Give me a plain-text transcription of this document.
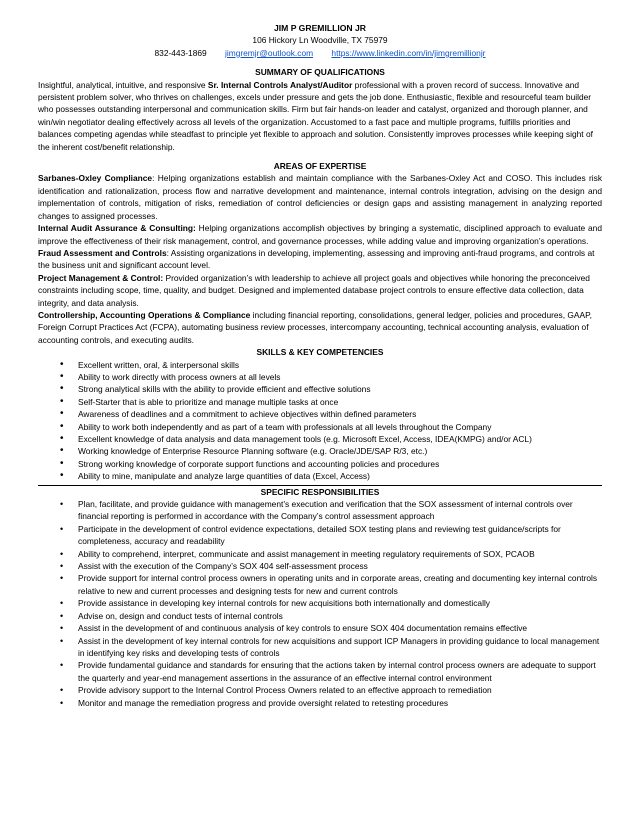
JIM P GREMILLION JR
106 Hickory Ln Woodville, TX 75979
832-443-1869 jimgremjr@outlook.com https://www.linkedin.com/in/jimgremillionjr
SUMMARY OF QUALIFICATIONS
Insightful, analytical, intuitive, and responsive Sr. Internal Controls Analyst/Auditor professional with a proven record of success. Innovative and persistent problem solver, who thrives on challenges, excels under pressure and gets the job done. Enthusiastic, flexible and resourceful team builder who possesses outstanding interpersonal and communication skills. Firm but fair hands-on leader and catalyst, organized and thorough planner, and win/win negotiator dealing effectively across all levels of the organization. Accustomed to a fast pace and multiple programs, fulfills priorities and balances competing agendas while steadfast to principle yet flexible to approach and solution. Consistently improves processes while keeping sight of the inherent cost/benefit relationship.
AREAS OF EXPERTISE
Sarbanes-Oxley Compliance: Helping organizations establish and maintain compliance with the Sarbanes-Oxley Act and COSO. This includes risk identification and rationalization, process flow and narrative development and maintenance, internal controls integration, advising on the design and implementation of controls, mitigation of risks, remediation of control deficiencies or design gaps and assisting management in analyzing reported changes to assigned processes.
Internal Audit Assurance & Consulting: Helping organizations accomplish objectives by bringing a systematic, disciplined approach to evaluate and improve the effectiveness of their risk management, control, and governance processes, while adding value and improving organization’s operations.
Fraud Assessment and Controls: Assisting organizations in developing, implementing, assessing and improving anti-fraud programs, and controls at the business unit and significant account level.
Project Management & Control: Provided organization’s with leadership to achieve all project goals and objectives while honoring the preconceived constraints including scope, time, quality, and budget. Designed and implemented database project controls to ensure effective data collection, data integrity, and data analysis.
Controllership, Accounting Operations & Compliance including financial reporting, consolidations, general ledger, policies and procedures, GAAP, Foreign Corrupt Practices Act (FCPA), automating business review processes, intercompany accounting, technical accounting analysis, evaluation of accounting controls, and executing audits.
SKILLS & KEY COMPETENCIES
• Excellent written, oral, & interpersonal skills
• Ability to work directly with process owners at all levels
• Strong analytical skills with the ability to provide efficient and effective solutions
• Self-Starter that is able to prioritize and manage multiple tasks at once
• Awareness of deadlines and a commitment to achieve objectives within defined parameters
• Ability to work both independently and as part of a team with professionals at all levels throughout the Company
• Excellent knowledge of data analysis and data management tools (e.g. Microsoft Excel, Access, IDEA(KMPG) and/or ACL)
• Working knowledge of Enterprise Resource Planning software (e.g. Oracle/JDE/SAP R/3, etc.)
• Strong working knowledge of corporate support functions and accounting policies and procedures
• Ability to mine, manipulate and analyze large quantities of data (Excel, Access)
SPECIFIC RESPONSIBILITIES
• Plan, facilitate, and provide guidance with management’s execution and verification that the SOX assessment of internal controls over financial reporting is performed in accordance with the Company’s control assessment approach
• Participate in the development of control evidence expectations, detailed SOX testing plans and reviewing test guidance/scripts for completeness, accuracy and readability
• Ability to comprehend, interpret, communicate and assist management in meeting regulatory requirements of SOX, PCAOB
• Assist with the execution of the Company’s SOX 404 self-assessment process
• Provide support for internal control process owners in operating units and in corporate areas, creating and documenting key internal controls relative to new and current processes and designing tests for new and current controls
• Provide assistance in developing key internal controls for new acquisitions both internationally and domestically
• Advise on, design and conduct tests of internal controls
• Assist in the development of and continuous analysis of key controls to ensure SOX 404 documentation remains effective
• Assist in the development of key internal controls for new acquisitions and support ICP Managers in providing guidance to local management in identifying key risks and developing tests of controls
• Provide fundamental guidance and standards for ensuring that the actions taken by internal control process owners are adequate to support the quarterly and year-end management assertions in the assurance of an effective internal control environment
• Provide advisory support to the Internal Control Process Owners related to an effective approach to remediation
• Monitor and manage the remediation progress and provide oversight related to retesting procedures
